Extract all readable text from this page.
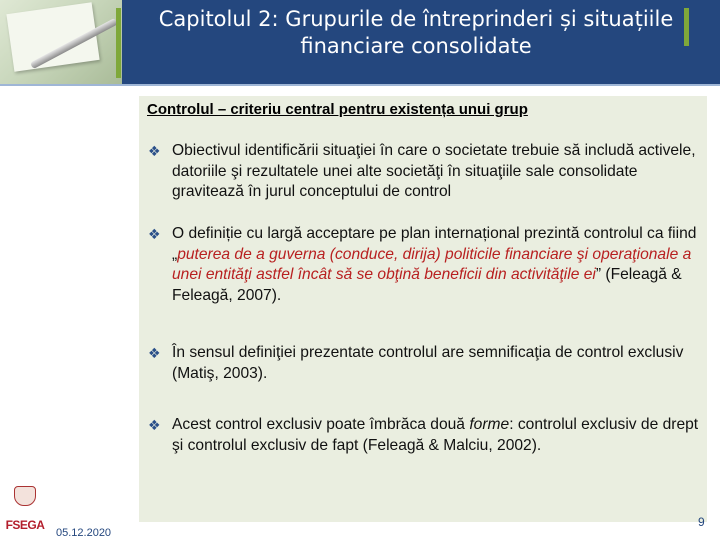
Capitolul 2: Grupurile de întreprinderi și situațiile
financiare consolidate
Controlul – criteriu central pentru existența unui grup
❖ Obiectivul identificării situaţiei în care o societate trebuie să includă activele, datoriile şi rezultatele unei alte societăţi în situaţiile sale consolidate gravitează în jurul conceptului de control
❖ O definiție cu largă acceptare pe plan internațional prezintă controlul ca fiind „puterea de a guverna (conduce, dirija) politicile financiare şi operaţionale a unei entităţi astfel încât să se obţină beneficii din activităţile ei” (Feleagă & Feleagă, 2007).
❖ În sensul definiţiei prezentate controlul are semnificaţia de control exclusiv (Matiş, 2003).
❖ Acest control exclusiv poate îmbrăca două forme: controlul exclusiv de drept şi controlul exclusiv de fapt (Feleagă & Malciu, 2002).
FSEGA
05.12.2020
9
